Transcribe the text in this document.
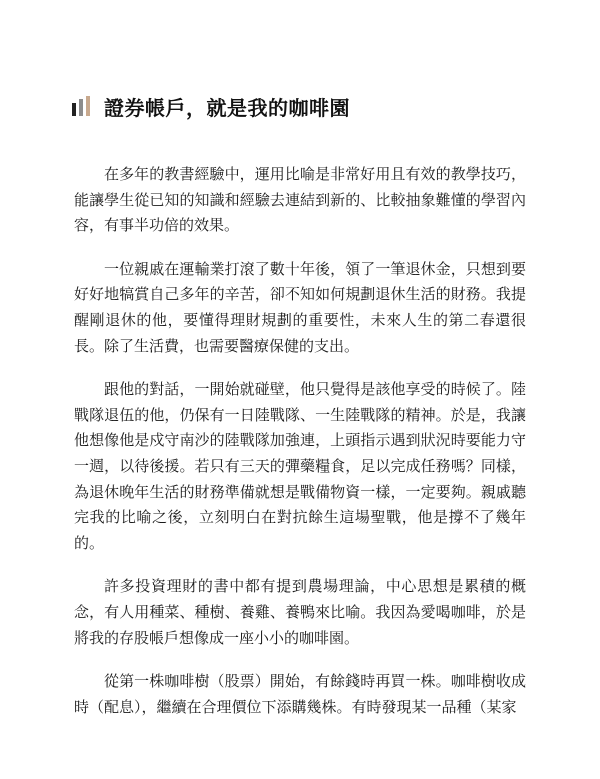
證券帳戶，就是我的咖啡園

在多年的教書經驗中，運用比喻是非常好用且有效的教學技巧，能讓學生從已知的知識和經驗去連結到新的、比較抽象難懂的學習內容，有事半功倍的效果。

一位親戚在運輸業打滾了數十年後，領了一筆退休金，只想到要好好地犒賞自己多年的辛苦，卻不知如何規劃退休生活的財務。我提醒剛退休的他，要懂得理財規劃的重要性，未來人生的第二春還很長。除了生活費，也需要醫療保健的支出。

跟他的對話，一開始就碰壁，他只覺得是該他享受的時候了。陸戰隊退伍的他，仍保有一日陸戰隊、一生陸戰隊的精神。於是，我讓他想像他是戍守南沙的陸戰隊加強連，上頭指示遇到狀況時要能力守一週，以待後援。若只有三天的彈藥糧食，足以完成任務嗎？同樣，為退休晚年生活的財務準備就想是戰備物資一樣，一定要夠。親戚聽完我的比喻之後，立刻明白在對抗餘生這場聖戰，他是撐不了幾年的。

許多投資理財的書中都有提到農場理論，中心思想是累積的概念，有人用種菜、種樹、養雞、養鴨來比喻。我因為愛喝咖啡，於是將我的存股帳戶想像成一座小小的咖啡園。

從第一株咖啡樹（股票）開始，有餘錢時再買一株。咖啡樹收成時（配息），繼續在合理價位下添購幾株。有時發現某一品種（某家
